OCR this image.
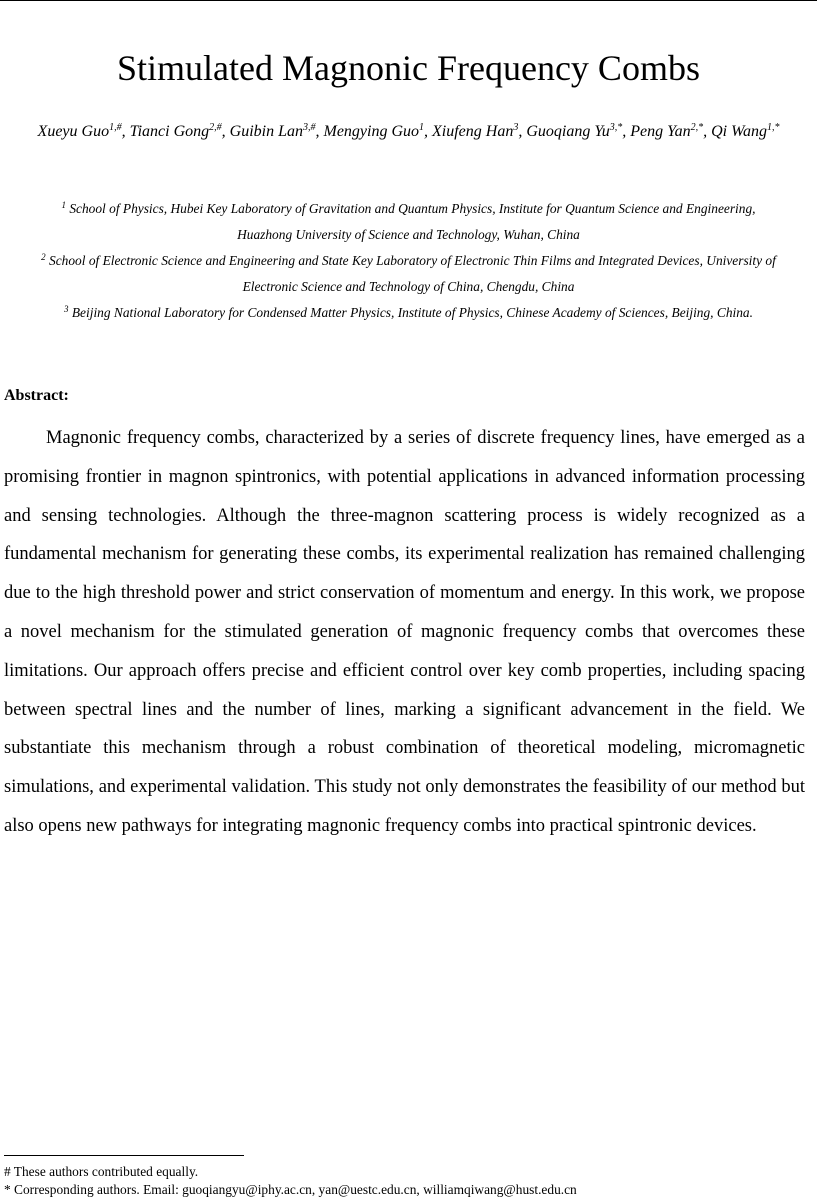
Stimulated Magnonic Frequency Combs
Xueyu Guo$^{1,\#}$, Tianci Gong$^{2,\#}$, Guibin Lan$^{3,\#}$, Mengying Guo$^1$, Xiufeng Han$^3$, Guoqiang $Yu^{3,*}$, Peng Yan$^{2,*}$, Qi Wang$^{1,*}$

$^1$ School of Physics, Hubei Key Laboratory of Gravitation and Quantum Physics, Institute for Quantum Science and Engineering, Huazhong University of Science and Technology, Wuhan, China

$^2$ School of Electronic Science and Engineering and State Key Laboratory of Electronic Thin Films and Integrated Devices, University of Electronic Science and Technology of China, Chengdu, China

$^3$ Beijing National Laboratory for Condensed Matter Physics, Institute of Physics, Chinese Academy of Sciences, Beijing, China.

Abstract:

Magnonic frequency combs, characterized by a series of discrete frequency lines, have emerged as a promising frontier in magnon spintronics, with potential applications in advanced information processing and sensing technologies. Although the three-magnon scattering process is widely recognized as a fundamental mechanism for generating these combs, its experimental realization has remained challenging due to the high threshold power and strict conservation of momentum and energy. In this work, we propose a novel mechanism for the stimulated generation of magnonic frequency combs that overcomes these limitations. Our approach offers precise and efficient control over key comb properties, including spacing between spectral lines and the number of lines, marking a significant advancement in the field. We substantiate this mechanism through a robust combination of theoretical modeling, micromagnetic simulations, and experimental validation. This study not only demonstrates the feasibility of our method but also opens new pathways for integrating magnonic frequency combs into practical spintronic devices.

# These authors contributed equally.

* Corresponding authors. Email: guoqiangyu@iphy.ac.cn, yan@uestc.edu.cn, williamqiwang@hust.edu.cn
